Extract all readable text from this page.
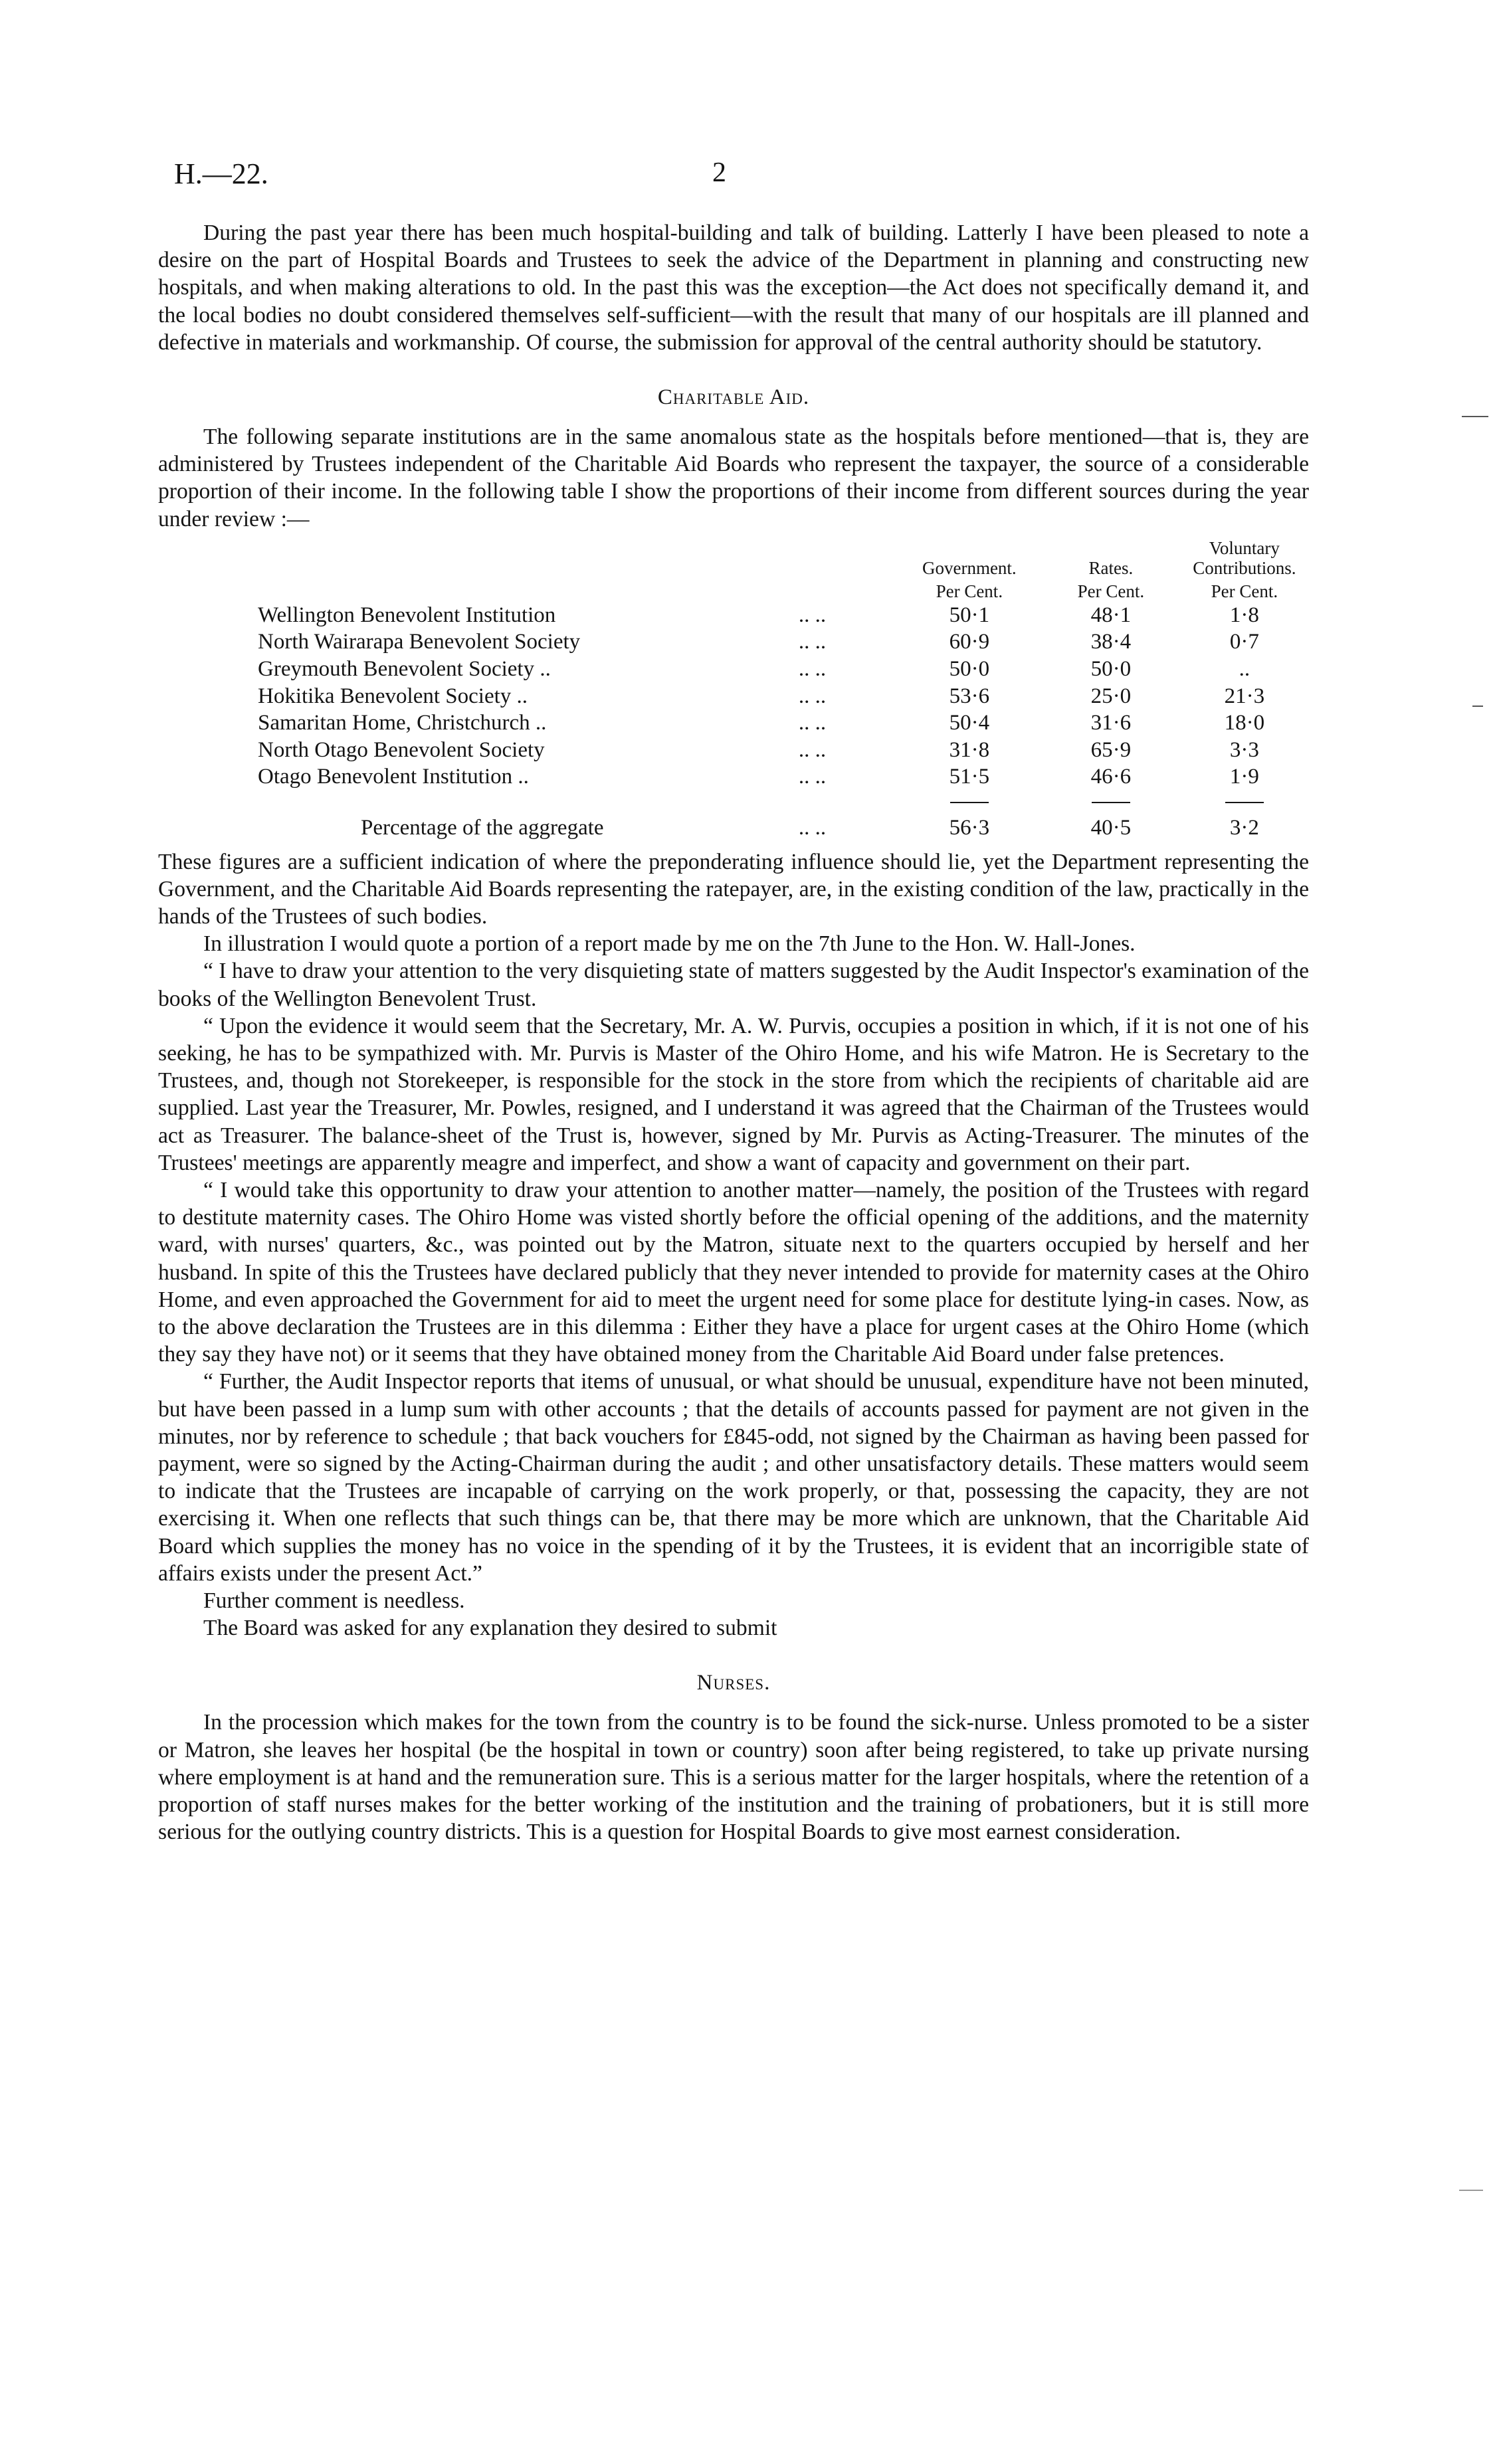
H.—22.	2

During the past year there has been much hospital-building and talk of building. Latterly I have been pleased to note a desire on the part of Hospital Boards and Trustees to seek the advice of the Department in planning and constructing new hospitals, and when making alterations to old. In the past this was the exception—the Act does not specifically demand it, and the local bodies no doubt considered themselves self-sufficient—with the result that many of our hospitals are ill planned and defective in materials and workmanship. Of course, the submission for approval of the central authority should be statutory.

Charitable Aid.

The following separate institutions are in the same anomalous state as the hospitals before mentioned—that is, they are administered by Trustees independent of the Charitable Aid Boards who represent the taxpayer, the source of a considerable proportion of their income. In the following table I show the proportions of their income from different sources during the year under review :—

		Government.	Rates.	Voluntary Contributions.
		Per Cent.	Per Cent.	Per Cent.
Wellington Benevolent Institution	.. ..	50·1	48·1	1·8
North Wairarapa Benevolent Society	.. ..	60·9	38·4	0·7
Greymouth Benevolent Society ..	.. ..	50·0	50·0	..
Hokitika Benevolent Society ..	.. ..	53·6	25·0	21·3
Samaritan Home, Christchurch ..	.. ..	50·4	31·6	18·0
North Otago Benevolent Society	.. ..	31·8	65·9	3·3
Otago Benevolent Institution ..	.. ..	51·5	46·6	1·9

Percentage of the aggregate	.. ..	56·3	40·5	3·2

These figures are a sufficient indication of where the preponderating influence should lie, yet the Department representing the Government, and the Charitable Aid Boards representing the ratepayer, are, in the existing condition of the law, practically in the hands of the Trustees of such bodies.

In illustration I would quote a portion of a report made by me on the 7th June to the Hon. W. Hall-Jones.

“ I have to draw your attention to the very disquieting state of matters suggested by the Audit Inspector's examination of the books of the Wellington Benevolent Trust.

“ Upon the evidence it would seem that the Secretary, Mr. A. W. Purvis, occupies a position in which, if it is not one of his seeking, he has to be sympathized with. Mr. Purvis is Master of the Ohiro Home, and his wife Matron. He is Secretary to the Trustees, and, though not Storekeeper, is responsible for the stock in the store from which the recipients of charitable aid are supplied. Last year the Treasurer, Mr. Powles, resigned, and I understand it was agreed that the Chairman of the Trustees would act as Treasurer. The balance-sheet of the Trust is, however, signed by Mr. Purvis as Acting-Treasurer. The minutes of the Trustees' meetings are apparently meagre and imperfect, and show a want of capacity and government on their part.

“ I would take this opportunity to draw your attention to another matter—namely, the position of the Trustees with regard to destitute maternity cases. The Ohiro Home was visted shortly before the official opening of the additions, and the maternity ward, with nurses' quarters, &c., was pointed out by the Matron, situate next to the quarters occupied by herself and her husband. In spite of this the Trustees have declared publicly that they never intended to provide for maternity cases at the Ohiro Home, and even approached the Government for aid to meet the urgent need for some place for destitute lying-in cases. Now, as to the above declaration the Trustees are in this dilemma : Either they have a place for urgent cases at the Ohiro Home (which they say they have not) or it seems that they have obtained money from the Charitable Aid Board under false pretences.

“ Further, the Audit Inspector reports that items of unusual, or what should be unusual, expenditure have not been minuted, but have been passed in a lump sum with other accounts ; that the details of accounts passed for payment are not given in the minutes, nor by reference to schedule ; that back vouchers for £845-odd, not signed by the Chairman as having been passed for payment, were so signed by the Acting-Chairman during the audit ; and other unsatisfactory details. These matters would seem to indicate that the Trustees are incapable of carrying on the work properly, or that, possessing the capacity, they are not exercising it. When one reflects that such things can be, that there may be more which are unknown, that the Charitable Aid Board which supplies the money has no voice in the spending of it by the Trustees, it is evident that an incorrigible state of affairs exists under the present Act.”

Further comment is needless.

The Board was asked for any explanation they desired to submit

Nurses.

In the procession which makes for the town from the country is to be found the sick-nurse. Unless promoted to be a sister or Matron, she leaves her hospital (be the hospital in town or country) soon after being registered, to take up private nursing where employment is at hand and the remuneration sure. This is a serious matter for the larger hospitals, where the retention of a proportion of staff nurses makes for the better working of the institution and the training of probationers, but it is still more serious for the outlying country districts. This is a question for Hospital Boards to give most earnest consideration.
